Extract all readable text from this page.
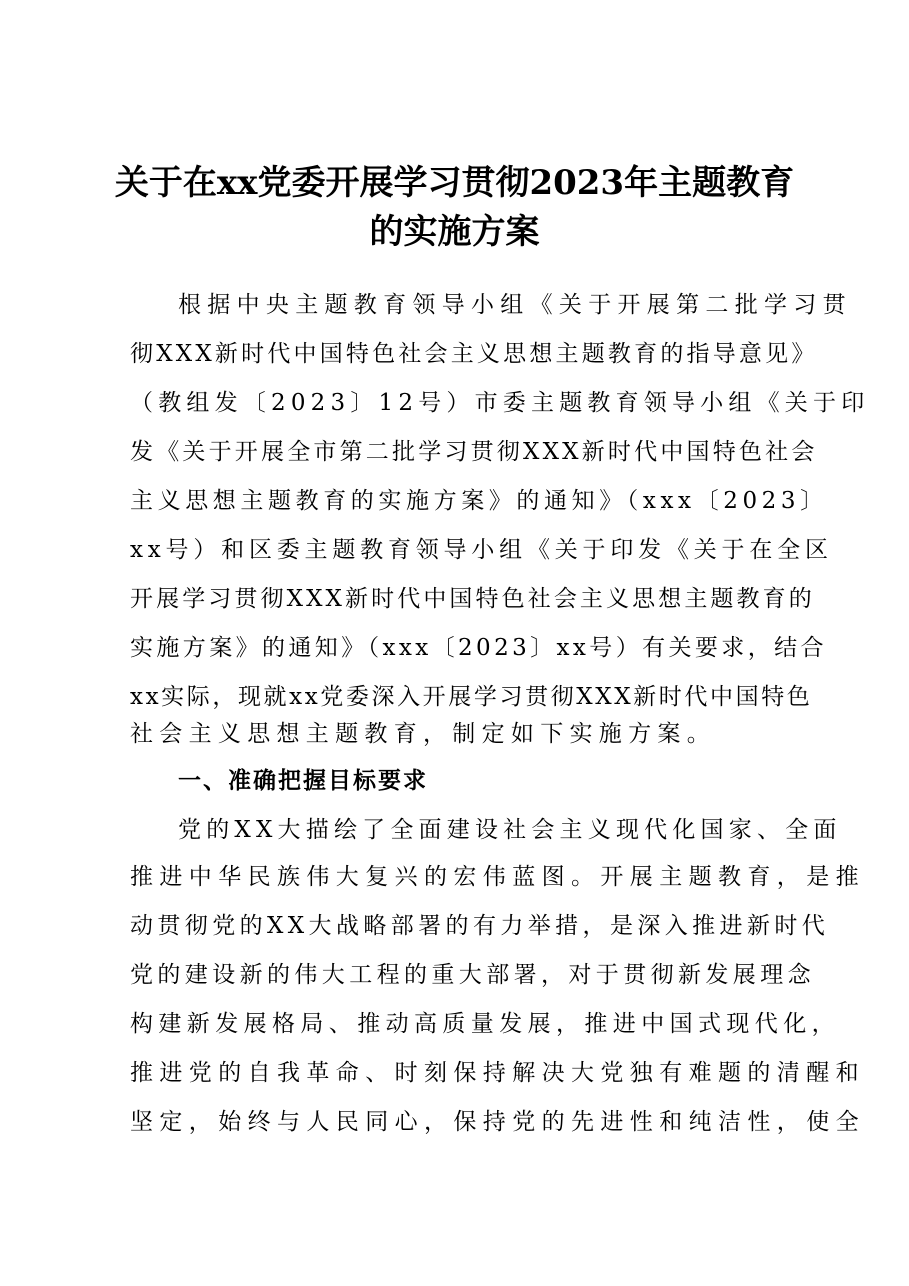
关于在xx党委开展学习贯彻2023年主题教育
的实施方案
根据中央主题教育领导小组《关于开展第二批学习贯
彻XXX新时代中国特色社会主义思想主题教育的指导意见》
（教组发〔2023〕12号）市委主题教育领导小组《关于印
发《关于开展全市第二批学习贯彻XXX新时代中国特色社会
主义思想主题教育的实施方案》的通知》（xxx〔2023〕
xx号）和区委主题教育领导小组《关于印发《关于在全区
开展学习贯彻XXX新时代中国特色社会主义思想主题教育的
实施方案》的通知》（xxx〔2023〕xx号）有关要求，结合
xx实际，现就xx党委深入开展学习贯彻XXX新时代中国特色
社会主义思想主题教育，制定如下实施方案。
一、准确把握目标要求
党的XX大描绘了全面建设社会主义现代化国家、全面
推进中华民族伟大复兴的宏伟蓝图。开展主题教育，是推
动贯彻党的XX大战略部署的有力举措，是深入推进新时代
党的建设新的伟大工程的重大部署，对于贯彻新发展理念
构建新发展格局、推动高质量发展，推进中国式现代化，
推进党的自我革命、时刻保持解决大党独有难题的清醒和
坚定，始终与人民同心，保持党的先进性和纯洁性，使全
